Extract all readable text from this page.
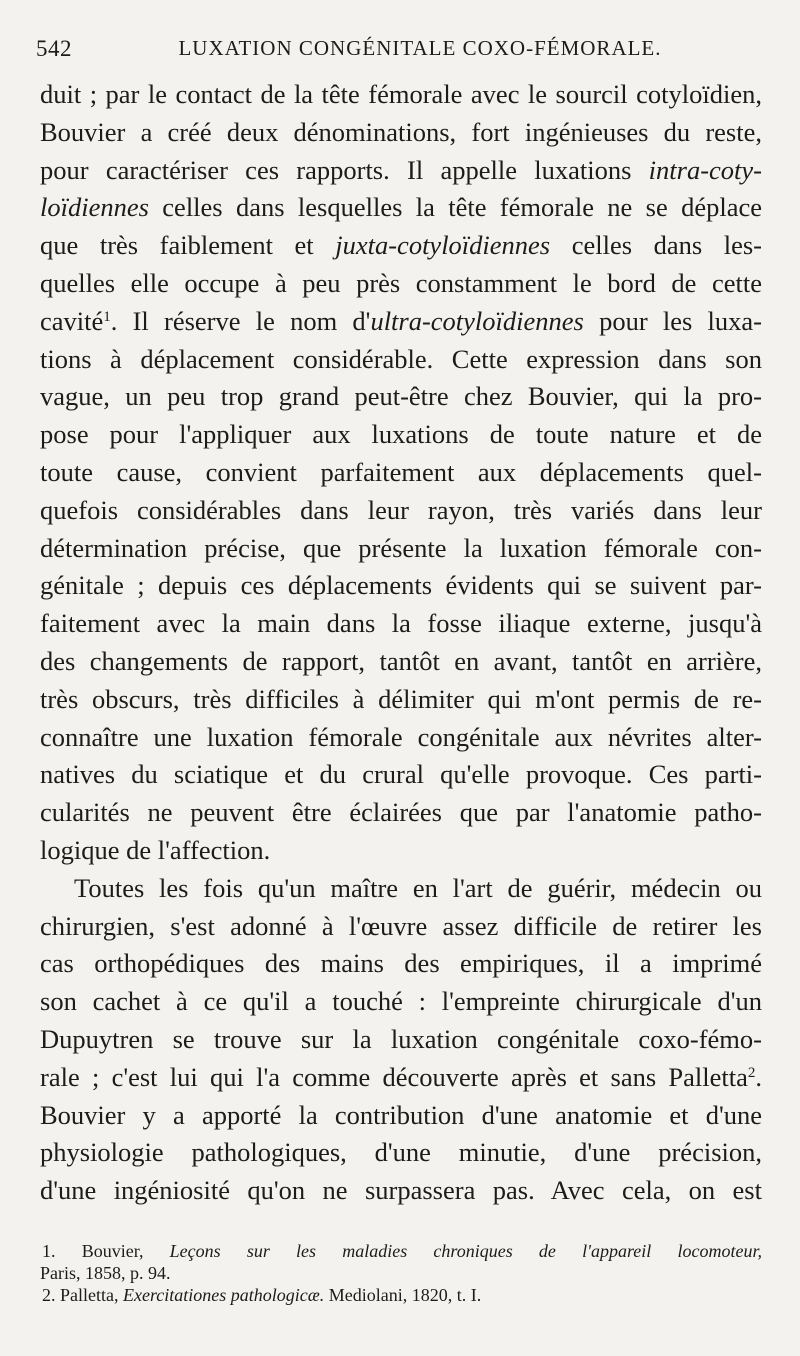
542	LUXATION CONGÉNITALE COXO-FÉMORALE.
duit ; par le contact de la tête fémorale avec le sourcil cotyloïdien,
Bouvier a créé deux dénominations, fort ingénieuses du reste,
pour caractériser ces rapports. Il appelle luxations intra-coty-
loïdiennes celles dans lesquelles la tête fémorale ne se déplace
que très faiblement et juxta-cotyloïdiennes celles dans les-
quelles elle occupe à peu près constamment le bord de cette
cavité$^1$. Il réserve le nom d'ultra-cotyloïdiennes pour les luxa-
tions à déplacement considérable. Cette expression dans son
vague, un peu trop grand peut-être chez Bouvier, qui la pro-
pose pour l'appliquer aux luxations de toute nature et de
toute cause, convient parfaitement aux déplacements quel-
quefois considérables dans leur rayon, très variés dans leur
détermination précise, que présente la luxation fémorale con-
génitale ; depuis ces déplacements évidents qui se suivent par-
faitement avec la main dans la fosse iliaque externe, jusqu'à
des changements de rapport, tantôt en avant, tantôt en arrière,
très obscurs, très difficiles à délimiter qui m'ont permis de re-
connaître une luxation fémorale congénitale aux névrites alter-
natives du sciatique et du crural qu'elle provoque. Ces parti-
cularités ne peuvent être éclairées que par l'anatomie patho-
logique de l'affection.
Toutes les fois qu'un maître en l'art de guérir, médecin ou
chirurgien, s'est adonné à l'œuvre assez difficile de retirer les
cas orthopédiques des mains des empiriques, il a imprimé
son cachet à ce qu'il a touché : l'empreinte chirurgicale d'un
Dupuytren se trouve sur la luxation congénitale coxo-fémo-
rale ; c'est lui qui l'a comme découverte après et sans Palletta$^2$.
Bouvier y a apporté la contribution d'une anatomie et d'une
physiologie pathologiques, d'une minutie, d'une précision,
d'une ingéniosité qu'on ne surpassera pas. Avec cela, on est
1. Bouvier, Leçons sur les maladies chroniques de l'appareil locomoteur,
Paris, 1858, p. 94.
2. Palletta, Exercitationes pathologicæ. Mediolani, 1820, t. I.
